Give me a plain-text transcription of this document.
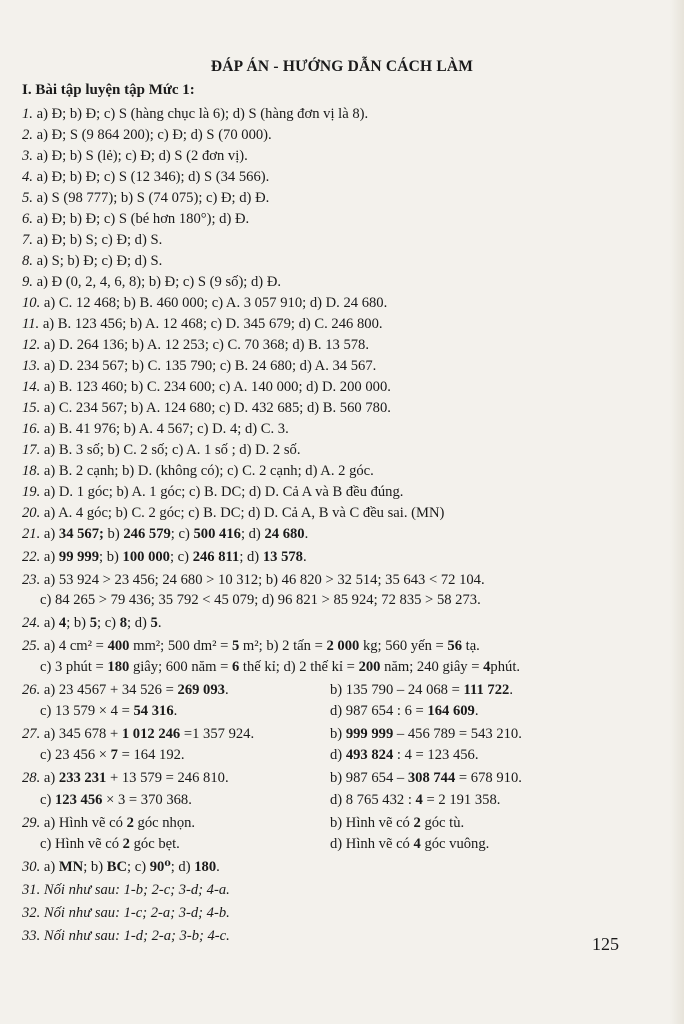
ĐÁP ÁN - HƯỚNG DẪN CÁCH LÀM
I. Bài tập luyện tập Mức 1:
1. a) Đ; b) Đ; c) S (hàng chục là 6); d) S (hàng đơn vị là 8).
2. a) Đ; S (9 864 200); c) Đ; d) S (70 000).
3. a) Đ; b) S (lẻ); c) Đ; d) S (2 đơn vị).
4. a) Đ; b) Đ; c) S (12 346); d) S (34 566).
5. a) S (98 777); b) S (74 075); c) Đ; d) Đ.
6. a) Đ; b) Đ; c) S (bé hơn 180°); d) Đ.
7. a) Đ; b) S; c) Đ; d) S.
8. a) S; b) Đ; c) Đ; d) S.
9. a) Đ (0, 2, 4, 6, 8); b) Đ; c) S (9 số); d) Đ.
10. a) C. 12 468; b) B. 460 000; c) A. 3 057 910; d) D. 24 680.
11. a) B. 123 456; b) A. 12 468; c) D. 345 679; d) C. 246 800.
12. a) D. 264 136; b) A. 12 253; c) C. 70 368; d) B. 13 578.
13. a) D. 234 567; b) C. 135 790; c) B. 24 680; d) A. 34 567.
14. a) B. 123 460; b) C. 234 600; c) A. 140 000; d) D. 200 000.
15. a) C. 234 567; b) A. 124 680; c) D. 432 685; d) B. 560 780.
16. a) B. 41 976; b) A. 4 567; c) D. 4; d) C. 3.
17. a) B. 3 số; b) C. 2 số; c) A. 1 số ; d) D. 2 số.
18. a) B. 2 cạnh; b) D. (không có); c) C. 2 cạnh; d) A. 2 góc.
19. a) D. 1 góc; b) A. 1 góc; c) B. DC; d) D. Cả A và B đều đúng.
20. a) A. 4 góc; b) C. 2 góc; c) B. DC; d) D. Cả A, B và C đều sai. (MN)
21. a) 34 567; b) 246 579; c) 500 416; d) 24 680.
22. a) 99 999; b) 100 000; c) 246 811; d) 13 578.
23. a) 53 924 > 23 456; 24 680 > 10 312; b) 46 820 > 32 514; 35 643 < 72 104.
c) 84 265 > 79 436; 35 792 < 45 079; d) 96 821 > 85 924; 72 835 > 58 273.
24. a) 4; b) 5; c) 8; d) 5.
25. a) 4 cm² = 400 mm²; 500 dm² = 5 m²; b) 2 tấn = 2 000 kg; 560 yến = 56 tạ.
c) 3 phút = 180 giây; 600 năm = 6 thế kỉ; d) 2 thế kỉ = 200 năm; 240 giây = 4phút.
26. a) 23 4567 + 34 526 = 269 093.	b) 135 790 – 24 068 = 111 722.
c) 13 579 × 4 = 54 316.	d) 987 654 : 6 = 164 609.
27. a) 345 678 + 1 012 246 =1 357 924.	b) 999 999 – 456 789 = 543 210.
c) 23 456 × 7 = 164 192.	d) 493 824 : 4 = 123 456.
28. a) 233 231 + 13 579 = 246 810.	b) 987 654 – 308 744 = 678 910.
c) 123 456 × 3 = 370 368.	d) 8 765 432 : 4 = 2 191 358.
29. a) Hình vẽ có 2 góc nhọn.	b) Hình vẽ có 2 góc tù.
c) Hình vẽ có 2 góc bẹt.	d) Hình vẽ có 4 góc vuông.
30. a) MN; b) BC; c) 90⁰; d) 180.
31. Nối như sau: 1-b; 2-c; 3-d; 4-a.
32. Nối như sau: 1-c; 2-a; 3-d; 4-b.
33. Nối như sau: 1-d; 2-a; 3-b; 4-c.	125
